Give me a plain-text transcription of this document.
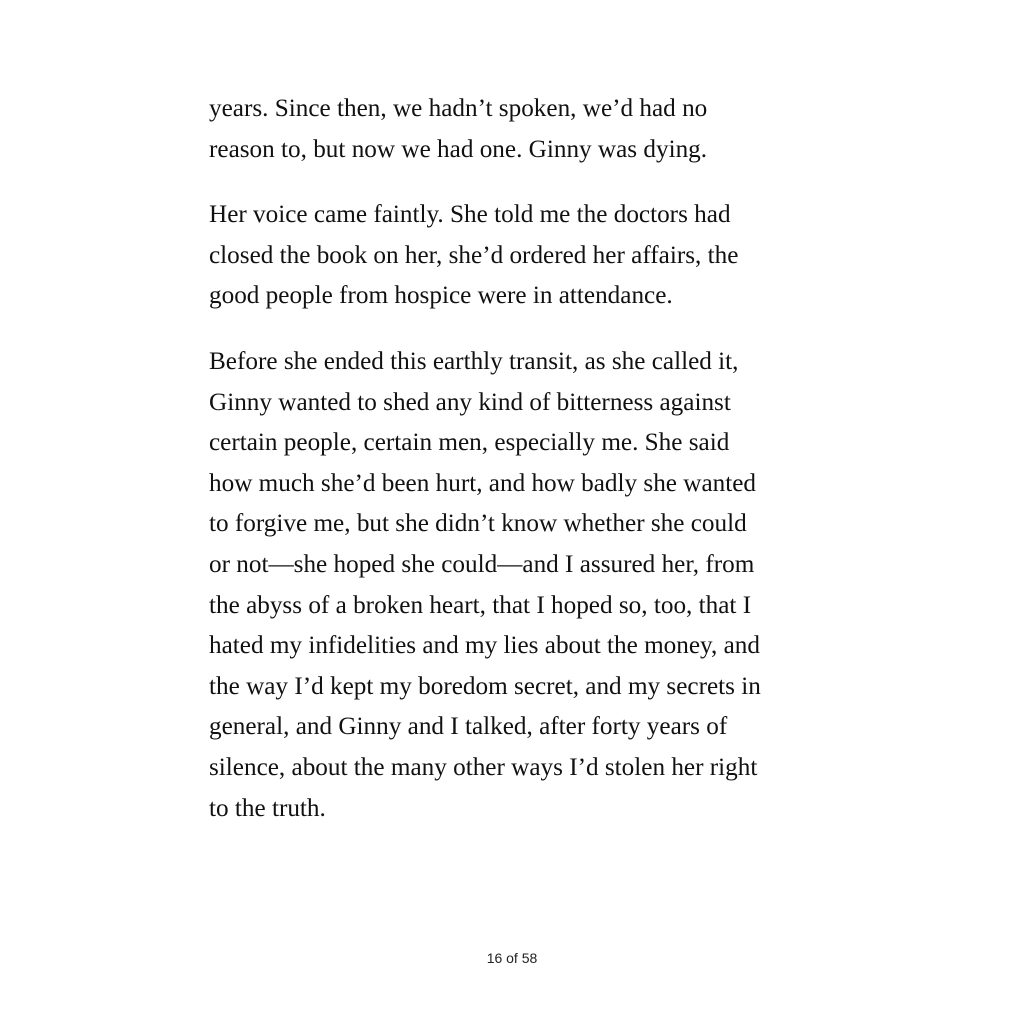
years. Since then, we hadn’t spoken, we’d had no
reason to, but now we had one. Ginny was dying.

Her voice came faintly. She told me the doctors had
closed the book on her, she’d ordered her affairs, the
good people from hospice were in attendance.

Before she ended this earthly transit, as she called it,
Ginny wanted to shed any kind of bitterness against
certain people, certain men, especially me. She said
how much she’d been hurt, and how badly she wanted
to forgive me, but she didn’t know whether she could
or not—she hoped she could—and I assured her, from
the abyss of a broken heart, that I hoped so, too, that I
hated my infidelities and my lies about the money, and
the way I’d kept my boredom secret, and my secrets in
general, and Ginny and I talked, after forty years of
silence, about the many other ways I’d stolen her right
to the truth.

16 of 58
